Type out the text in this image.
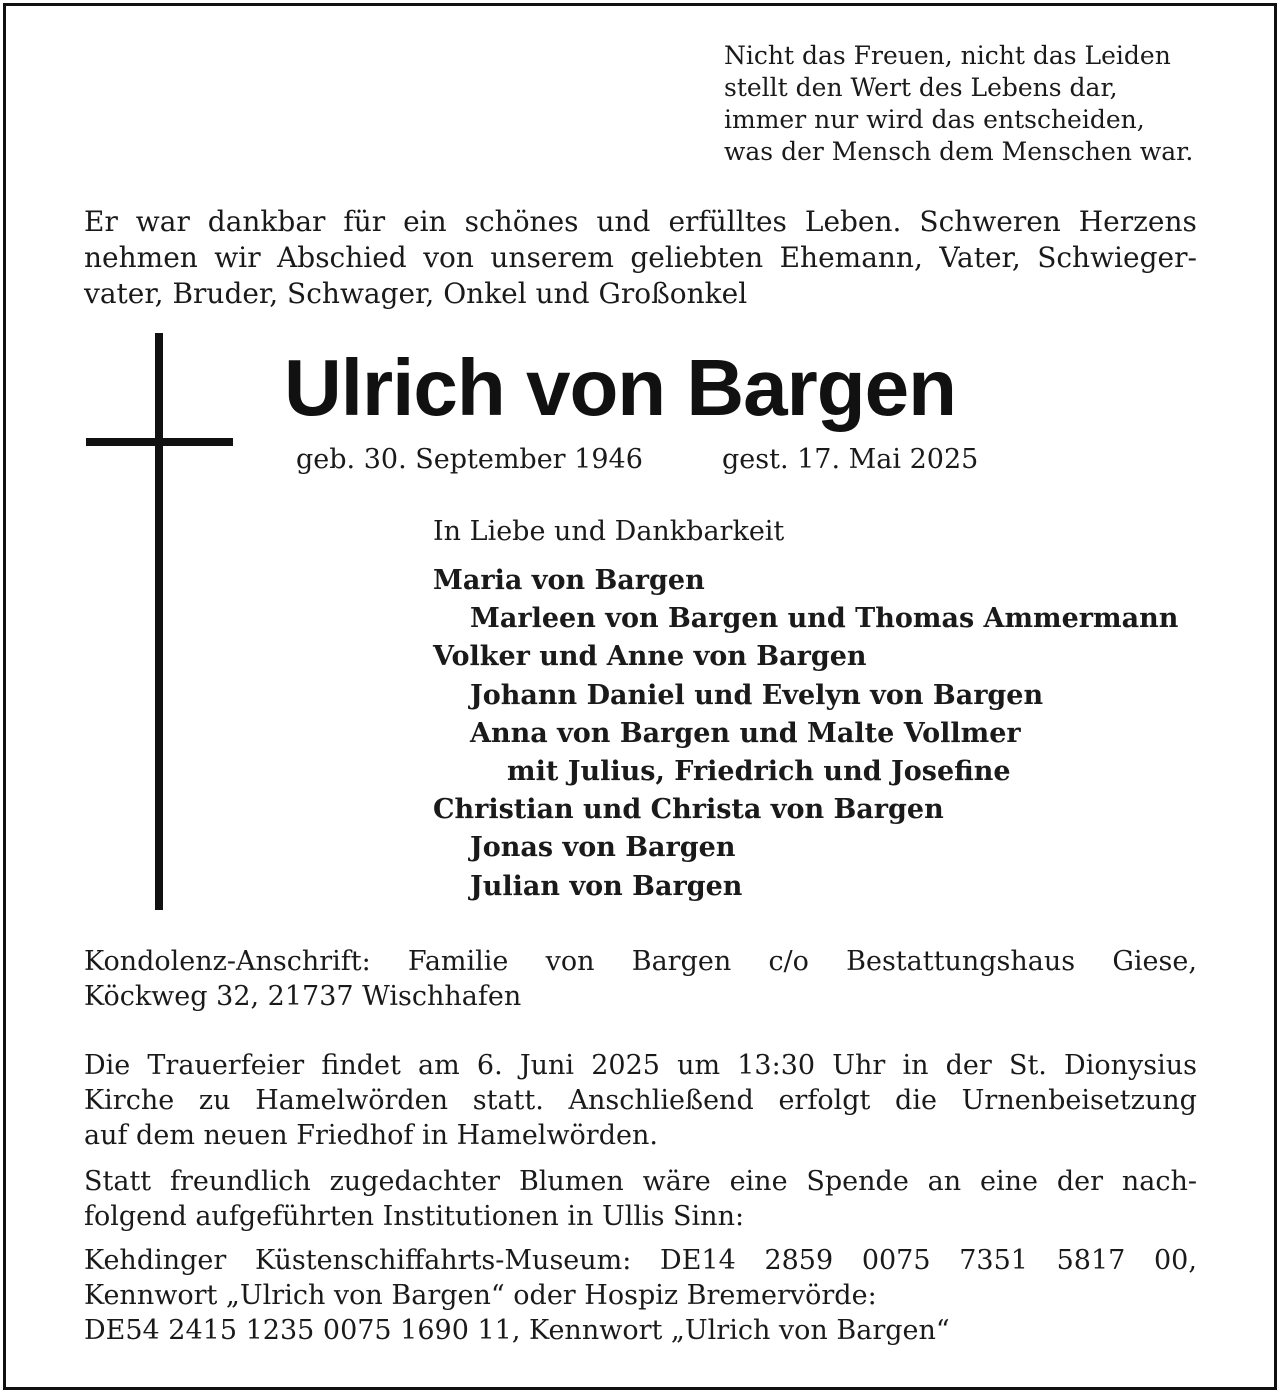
Nicht das Freuen, nicht das Leiden
stellt den Wert des Lebens dar,
immer nur wird das entscheiden,
was der Mensch dem Menschen war.
Er war dankbar für ein schönes und erfülltes Leben. Schweren Herzens
nehmen wir Abschied von unserem geliebten Ehemann, Vater, Schwieger-
vater, Bruder, Schwager, Onkel und Großonkel
Ulrich von Bargen
geb. 30. September 1946	gest. 17. Mai 2025
In Liebe und Dankbarkeit
Maria von Bargen
Marleen von Bargen und Thomas Ammermann
Volker und Anne von Bargen
Johann Daniel und Evelyn von Bargen
Anna von Bargen und Malte Vollmer
mit Julius, Friedrich und Josefine
Christian und Christa von Bargen
Jonas von Bargen
Julian von Bargen
Kondolenz-Anschrift: Familie von Bargen c/o Bestattungshaus Giese,
Köckweg 32, 21737 Wischhafen
Die Trauerfeier findet am 6. Juni 2025 um 13:30 Uhr in der St. Dionysius
Kirche zu Hamelwörden statt. Anschließend erfolgt die Urnenbeisetzung
auf dem neuen Friedhof in Hamelwörden.
Statt freundlich zugedachter Blumen wäre eine Spende an eine der nach-
folgend aufgeführten Institutionen in Ullis Sinn:
Kehdinger Küstenschiffahrts-Museum: DE14 2859 0075 7351 5817 00,
Kennwort „Ulrich von Bargen“ oder Hospiz Bremervörde:
DE54 2415 1235 0075 1690 11, Kennwort „Ulrich von Bargen“
